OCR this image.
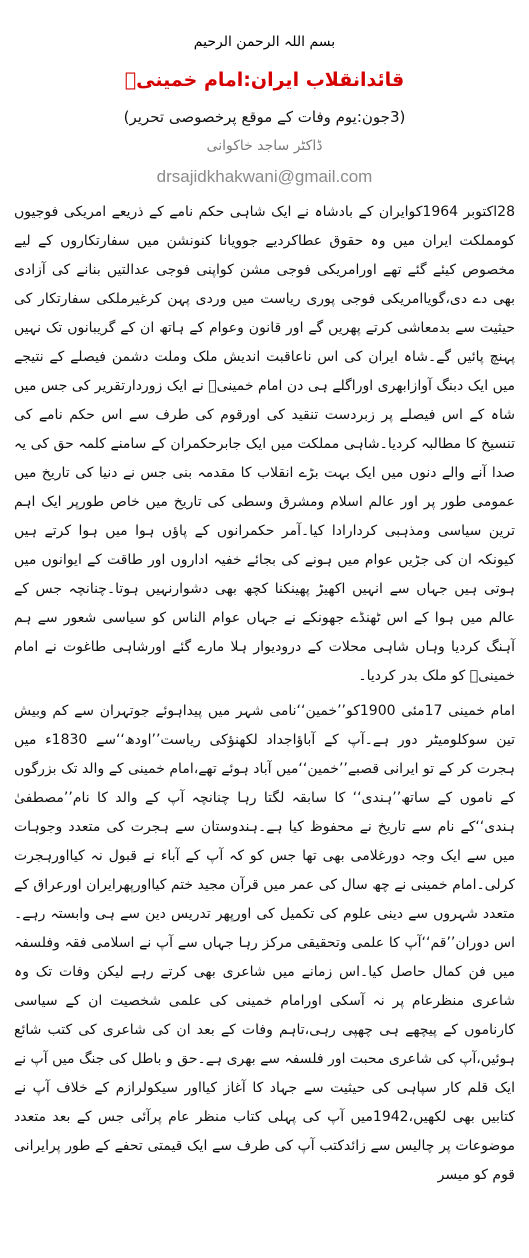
بسم اللہ الرحمن الرحیم
قائدانقلاب ایران:امام خمینیؒ
(3جون:یوم وفات کے موقع پرخصوصی تحریر)
ڈاکٹر ساجد خاکوانی
drsajidkhakwani@gmail.com

28اکتوبر 1964کوایران کے بادشاہ نے ایک شاہی حکم نامے کے ذریعے امریکی فوجیوں کومملکت ایران میں وہ حقوق عطاکردیے جوویانا کنونشن میں سفارتکاروں کے لیے مخصوص کیئے گئے تھے اورامریکی فوجی مشن کواپنی فوجی عدالتیں بنانے کی آزادی بھی دے دی،گویاامریکی فوجی پوری ریاست میں وردی پہن کرغیرملکی سفارتکار کی حیثیت سے بدمعاشی کرتے پھریں گے اور قانون وعوام کے ہاتھ ان کے گریبانوں تک نہیں پہنچ پائیں گے۔شاہ ایران کی اس ناعاقبت اندیش ملک وملت دشمن فیصلے کے نتیجے میں ایک دبنگ آوازابھری اوراگلے ہی دن امام خمینیؒ نے ایک زوردارتقریر کی جس میں شاہ کے اس فیصلے پر زبردست تنقید کی اورقوم کی طرف سے اس حکم نامے کی تنسیخ کا مطالبہ کردیا۔شاہی مملکت میں ایک جابرحکمران کے سامنے کلمہ حق کی یہ صدا آنے والے دنوں میں ایک بہت بڑے انقلاب کا مقدمہ بنی جس نے دنیا کی تاریخ میں عمومی طور پر اور عالم اسلام ومشرق وسطی کی تاریخ میں خاص طورپر ایک اہم ترین سیاسی ومذہبی کردارادا کیا۔آمر حکمرانوں کے پاؤں ہوا میں ہوا کرتے ہیں کیونکہ ان کی جڑیں عوام میں ہونے کی بجائے خفیہ اداروں اور طاقت کے ایوانوں میں ہوتی ہیں جہاں سے انہیں اکھیڑ پھینکنا کچھ بھی دشوارنہیں ہوتا۔چنانچہ جس کے عالم میں ہوا کے اس ٹھنڈے جھونکے نے جہاں عوام الناس کو سیاسی شعور سے ہم آہنگ کردیا وہاں شاہی محلات کے درودیوار ہلا مارے گئے اورشاہی طاغوت نے امام خمینیؒ کو ملک بدر کردیا۔

امام خمینی 17مئی 1900کو’’خمین‘‘نامی شہر میں پیداہوئے جوتہران سے کم وبیش تین سوکلومیٹر دور ہے۔آپ کے آباؤاجداد لکھنؤکی ریاست’’اودھ‘‘سے 1830ء میں ہجرت کر کے تو ایرانی قصبے’’خمین‘‘میں آباد ہوئے تھے،امام خمینی کے والد تک بزرگوں کے ناموں کے ساتھ’’ہندی‘‘ کا سابقہ لگتا رہا چنانچہ آپ کے والد کا نام’’مصطفیٰ ہندی‘‘کے نام سے تاریخ نے محفوظ کیا ہے۔ہندوستان سے ہجرت کی متعدد وجوہات میں سے ایک وجہ دورغلامی بھی تھا جس کو کہ آپ کے آباء نے قبول نہ کیااورہجرت کرلی۔امام خمینی نے چھ سال کی عمر میں قرآن مجید ختم کیااورپھرایران اورعراق کے متعدد شہروں سے دینی علوم کی تکمیل کی اورپھر تدریس دین سے ہی وابستہ رہے۔اس دوران’’قم‘‘آپ کا علمی وتحقیقی مرکز رہا جہاں سے آپ نے اسلامی فقہ وفلسفہ میں فن کمال حاصل کیا۔اس زمانے میں شاعری بھی کرتے رہے لیکن وفات تک وہ شاعری منظرعام پر نہ آسکی اورامام خمینی کی علمی شخصیت ان کے سیاسی کارناموں کے پیچھے ہی چھپی رہی،تاہم وفات کے بعد ان کی شاعری کی کتب شائع ہوئیں،آپ کی شاعری محبت اور فلسفہ سے بھری ہے۔حق و باطل کی جنگ میں آپ نے ایک قلم کار سپاہی کی حیثیت سے جہاد کا آغاز کیااور سیکولرازم کے خلاف آپ نے کتابیں بھی لکھیں،1942میں آپ کی پہلی کتاب منظر عام پرآئی جس کے بعد متعدد موضوعات پر چالیس سے زائدکتب آپ کی طرف سے ایک قیمتی تحفے کے طور پرایرانی قوم کو میسر
